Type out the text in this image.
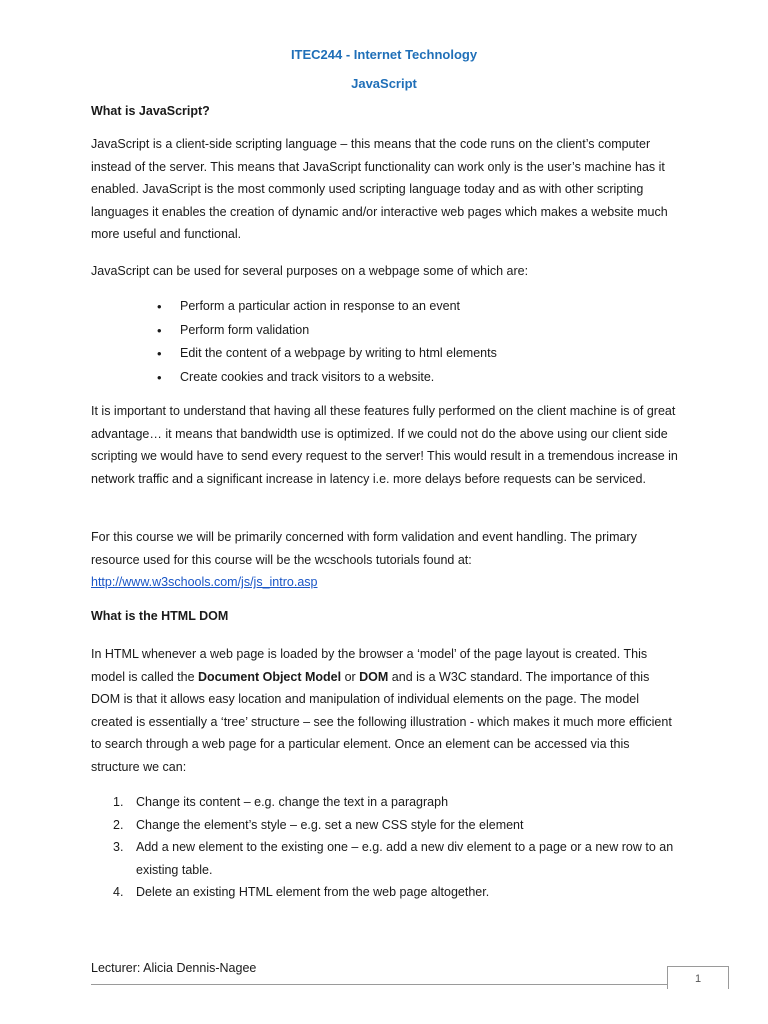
ITEC244 - Internet Technology
JavaScript
What is JavaScript?

JavaScript is a client-side scripting language – this means that the code runs on the client’s computer instead of the server. This means that JavaScript functionality can work only is the user’s machine has it enabled. JavaScript is the most commonly used scripting language today and as with other scripting languages it enables the creation of dynamic and/or interactive web pages which makes a website much more useful and functional.

JavaScript can be used for several purposes on a webpage some of which are:

• Perform a particular action in response to an event
• Perform form validation
• Edit the content of a webpage by writing to html elements
• Create cookies and track visitors to a website.

It is important to understand that having all these features fully performed on the client machine is of great advantage… it means that bandwidth use is optimized. If we could not do the above using our client side scripting we would have to send every request to the server! This would result in a tremendous increase in network traffic and a significant increase in latency i.e. more delays before requests can be serviced.

For this course we will be primarily concerned with form validation and event handling. The primary resource used for this course will be the wcschools tutorials found at:
http://www.w3schools.com/js/js_intro.asp

What is the HTML DOM

In HTML whenever a web page is loaded by the browser a ‘model’ of the page layout is created. This model is called the Document Object Model or DOM and is a W3C standard. The importance of this DOM is that it allows easy location and manipulation of individual elements on the page. The model created is essentially a ‘tree’ structure – see the following illustration - which makes it much more efficient to search through a web page for a particular element. Once an element can be accessed via this structure we can:

1. Change its content – e.g. change the text in a paragraph
2. Change the element’s style – e.g. set a new CSS style for the element
3. Add a new element to the existing one – e.g. add a new div element to a page or a new row to an existing table.
4. Delete an existing HTML element from the web page altogether.
Lecturer: Alicia Dennis-Nagee
1
